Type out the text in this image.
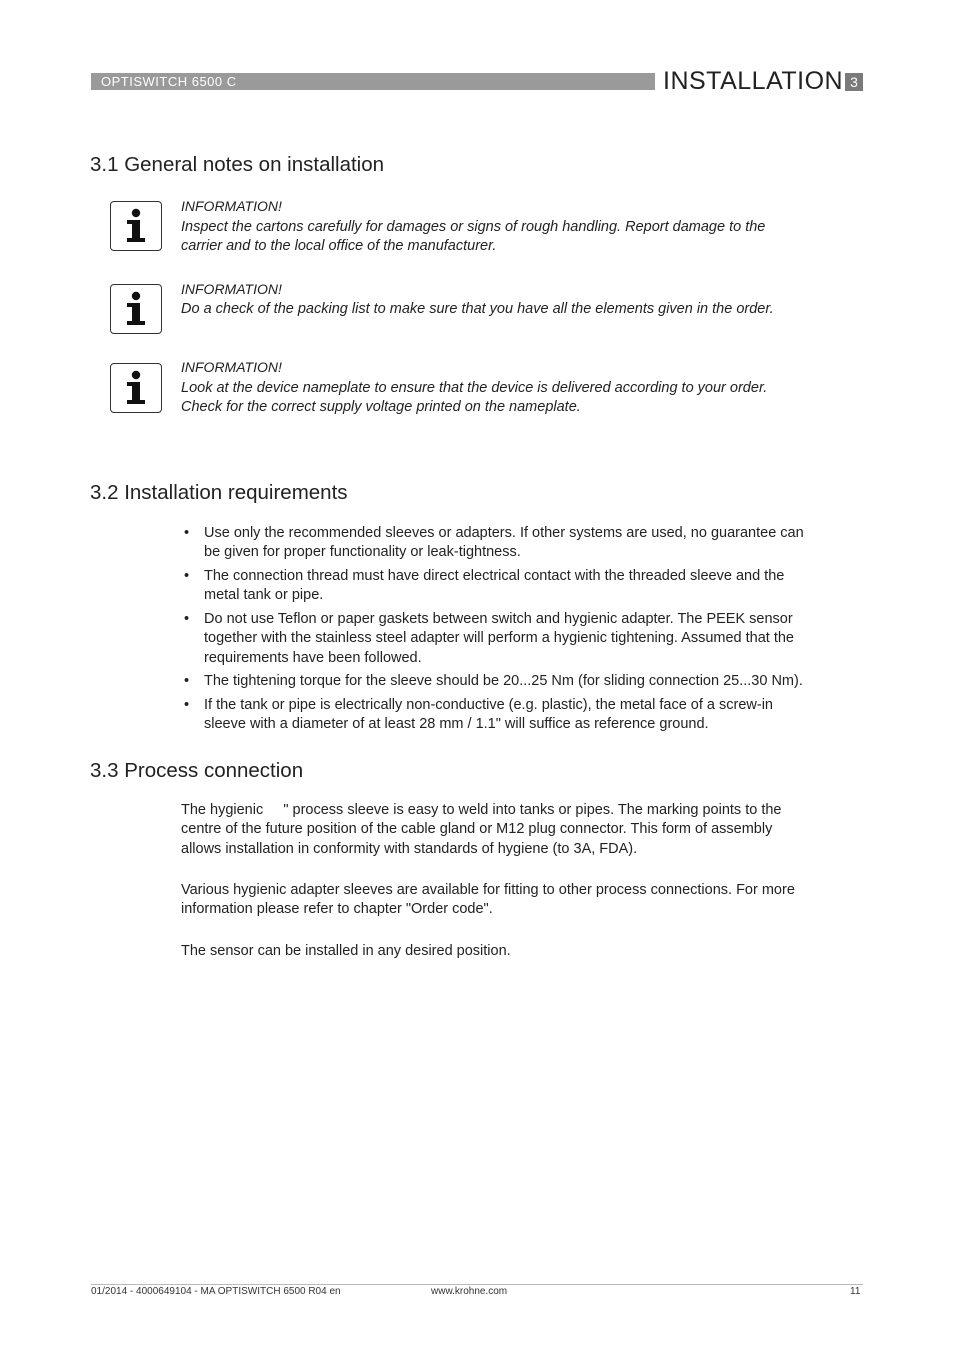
OPTISWITCH 6500 C	INSTALLATION 3
3.1 General notes on installation
INFORMATION!
Inspect the cartons carefully for damages or signs of rough handling. Report damage to the
carrier and to the local office of the manufacturer.
INFORMATION!
Do a check of the packing list to make sure that you have all the elements given in the order.
INFORMATION!
Look at the device nameplate to ensure that the device is delivered according to your order.
Check for the correct supply voltage printed on the nameplate.
3.2 Installation requirements
• Use only the recommended sleeves or adapters. If other systems are used, no guarantee can
be given for proper functionality or leak-tightness.
• The connection thread must have direct electrical contact with the threaded sleeve and the
metal tank or pipe.
• Do not use Teflon or paper gaskets between switch and hygienic adapter. The PEEK sensor
together with the stainless steel adapter will perform a hygienic tightening. Assumed that the
requirements have been followed.
• The tightening torque for the sleeve should be 20...25 Nm (for sliding connection 25...30 Nm).
• If the tank or pipe is electrically non-conductive (e.g. plastic), the metal face of a screw-in
sleeve with a diameter of at least 28 mm / 1.1" will suffice as reference ground.
3.3 Process connection
The hygienic     " process sleeve is easy to weld into tanks or pipes. The marking points to the
centre of the future position of the cable gland or M12 plug connector. This form of assembly
allows installation in conformity with standards of hygiene (to 3A, FDA).
Various hygienic adapter sleeves are available for fitting to other process connections. For more
information please refer to chapter "Order code".
The sensor can be installed in any desired position.
01/2014 - 4000649104 - MA OPTISWITCH 6500 R04 en	www.krohne.com	11
